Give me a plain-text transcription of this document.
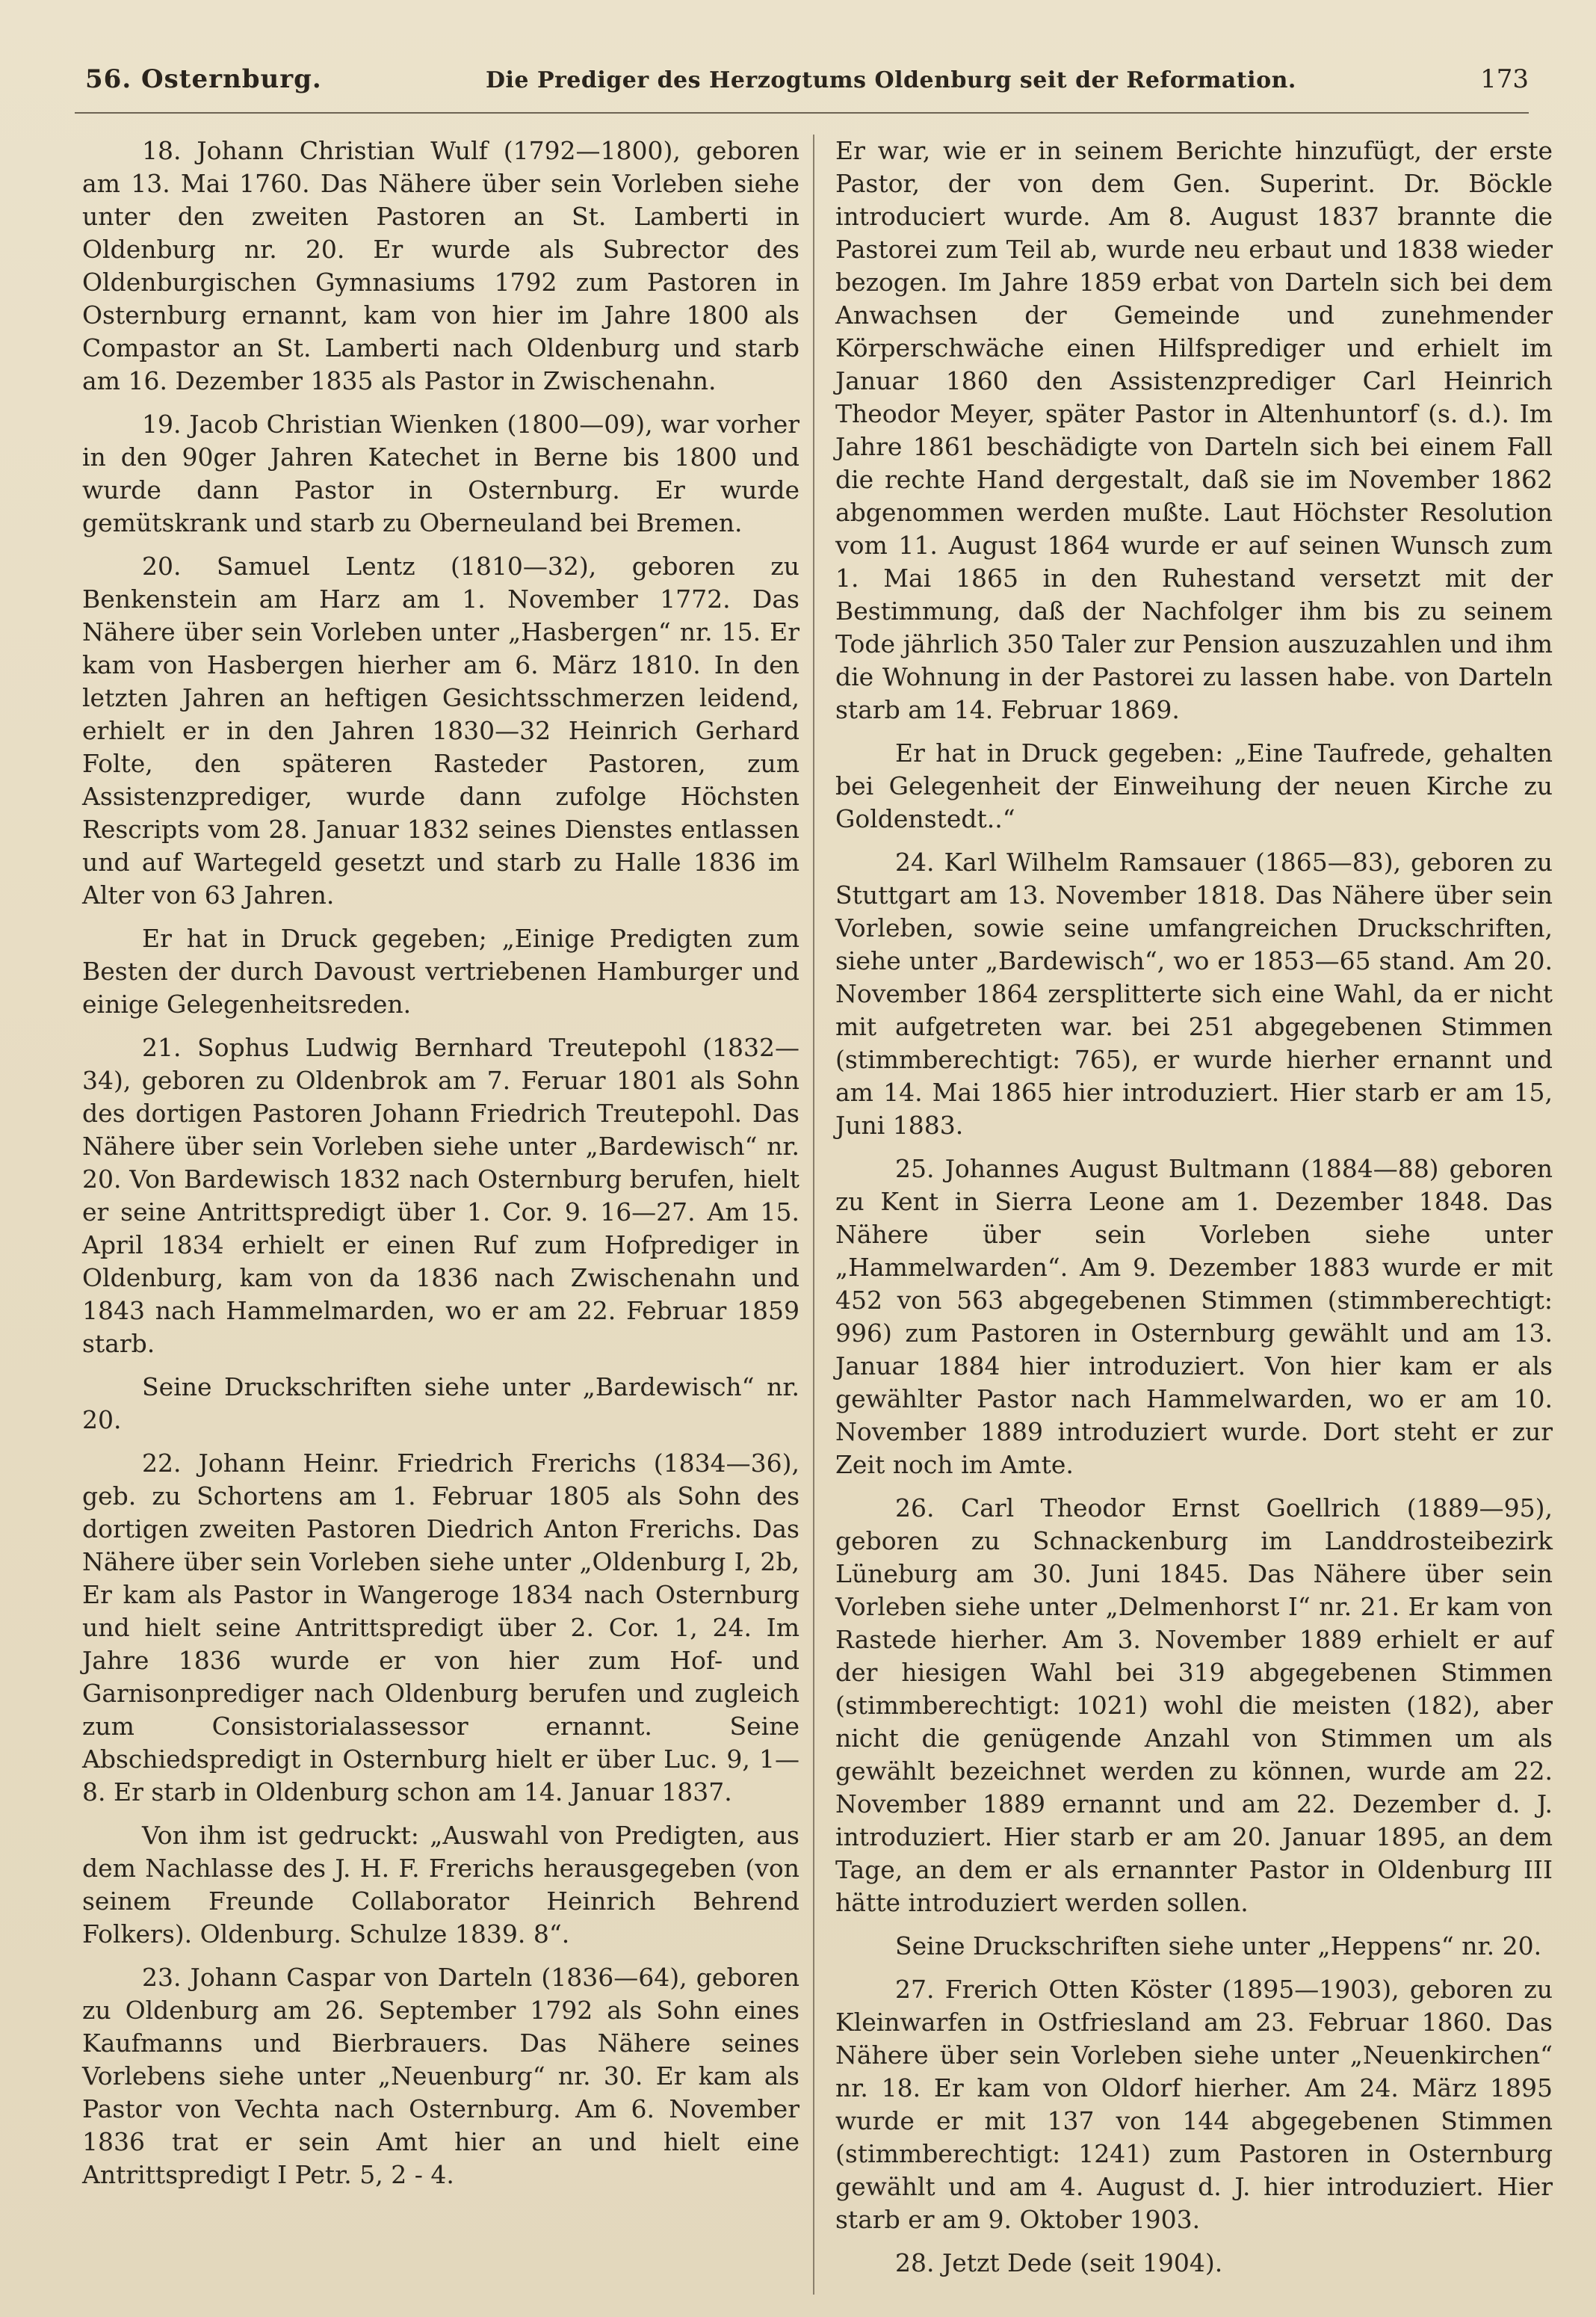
56. Osternburg.	Die Prediger des Herzogtums Oldenburg seit der Reformation.	173

18. Johann Christian Wulf (1792—1800), geboren am 13. Mai 1760. Das Nähere über sein Vorleben siehe unter den zweiten Pastoren an St. Lamberti in Oldenburg nr. 20. Er wurde als Subrector des Oldenburgischen Gymnasiums 1792 zum Pastoren in Osternburg ernannt, kam von hier im Jahre 1800 als Compastor an St. Lamberti nach Oldenburg und starb am 16. Dezember 1835 als Pastor in Zwischenahn.

19. Jacob Christian Wienken (1800—09), war vorher in den 90ger Jahren Katechet in Berne bis 1800 und wurde dann Pastor in Osternburg. Er wurde gemütskrank und starb zu Oberneuland bei Bremen.

20. Samuel Lentz (1810—32), geboren zu Benkenstein am Harz am 1. November 1772. Das Nähere über sein Vorleben unter „Hasbergen“ nr. 15. Er kam von Hasbergen hierher am 6. März 1810. In den letzten Jahren an heftigen Gesichtsschmerzen leidend, erhielt er in den Jahren 1830—32 Heinrich Gerhard Folte, den späteren Rasteder Pastoren, zum Assistenzprediger, wurde dann zufolge Höchsten Rescripts vom 28. Januar 1832 seines Dienstes entlassen und auf Wartegeld gesetzt und starb zu Halle 1836 im Alter von 63 Jahren.

Er hat in Druck gegeben; „Einige Predigten zum Besten der durch Davoust vertriebenen Hamburger und einige Gelegenheitsreden.

21. Sophus Ludwig Bernhard Treutepohl (1832—34), geboren zu Oldenbrok am 7. Feruar 1801 als Sohn des dortigen Pastoren Johann Friedrich Treutepohl. Das Nähere über sein Vorleben siehe unter „Bardewisch“ nr. 20. Von Bardewisch 1832 nach Osternburg berufen, hielt er seine Antrittspredigt über 1. Cor. 9. 16—27. Am 15. April 1834 erhielt er einen Ruf zum Hofprediger in Oldenburg, kam von da 1836 nach Zwischenahn und 1843 nach Hammelmarden, wo er am 22. Februar 1859 starb.

Seine Druckschriften siehe unter „Bardewisch“ nr. 20.

22. Johann Heinr. Friedrich Frerichs (1834—36), geb. zu Schortens am 1. Februar 1805 als Sohn des dortigen zweiten Pastoren Diedrich Anton Frerichs. Das Nähere über sein Vorleben siehe unter „Oldenburg I, 2b, Er kam als Pastor in Wangeroge 1834 nach Osternburg und hielt seine Antrittspredigt über 2. Cor. 1, 24. Im Jahre 1836 wurde er von hier zum Hof- und Garnisonprediger nach Oldenburg berufen und zugleich zum Consistorialassessor ernannt. Seine Abschiedspredigt in Osternburg hielt er über Luc. 9, 1—8. Er starb in Oldenburg schon am 14. Januar 1837.

Von ihm ist gedruckt: „Auswahl von Predigten, aus dem Nachlasse des J. H. F. Frerichs herausgegeben (von seinem Freunde Collaborator Heinrich Behrend Folkers). Oldenburg. Schulze 1839. 8“.

23. Johann Caspar von Darteln (1836—64), geboren zu Oldenburg am 26. September 1792 als Sohn eines Kaufmanns und Bierbrauers. Das Nähere seines Vorlebens siehe unter „Neuenburg“ nr. 30. Er kam als Pastor von Vechta nach Osternburg. Am 6. November 1836 trat er sein Amt hier an und hielt eine Antrittspredigt I Petr. 5, 2 - 4.

Er war, wie er in seinem Berichte hinzufügt, der erste Pastor, der von dem Gen. Superint. Dr. Böckle introduciert wurde. Am 8. August 1837 brannte die Pastorei zum Teil ab, wurde neu erbaut und 1838 wieder bezogen. Im Jahre 1859 erbat von Darteln sich bei dem Anwachsen der Gemeinde und zunehmender Körperschwäche einen Hilfsprediger und erhielt im Januar 1860 den Assistenzprediger Carl Heinrich Theodor Meyer, später Pastor in Altenhuntorf (s. d.). Im Jahre 1861 beschädigte von Darteln sich bei einem Fall die rechte Hand dergestalt, daß sie im November 1862 abgenommen werden mußte. Laut Höchster Resolution vom 11. August 1864 wurde er auf seinen Wunsch zum 1. Mai 1865 in den Ruhestand versetzt mit der Bestimmung, daß der Nachfolger ihm bis zu seinem Tode jährlich 350 Taler zur Pension auszuzahlen und ihm die Wohnung in der Pastorei zu lassen habe. von Darteln starb am 14. Februar 1869.

Er hat in Druck gegeben: „Eine Taufrede, gehalten bei Gelegenheit der Einweihung der neuen Kirche zu Goldenstedt..“

24. Karl Wilhelm Ramsauer (1865—83), geboren zu Stuttgart am 13. November 1818. Das Nähere über sein Vorleben, sowie seine umfangreichen Druckschriften, siehe unter „Bardewisch“, wo er 1853—65 stand. Am 20. November 1864 zersplitterte sich eine Wahl, da er nicht mit aufgetreten war. bei 251 abgegebenen Stimmen (stimmberechtigt: 765), er wurde hierher ernannt und am 14. Mai 1865 hier introduziert. Hier starb er am 15, Juni 1883.

25. Johannes August Bultmann (1884—88) geboren zu Kent in Sierra Leone am 1. Dezember 1848. Das Nähere über sein Vorleben siehe unter „Hammelwarden“. Am 9. Dezember 1883 wurde er mit 452 von 563 abgegebenen Stimmen (stimmberechtigt: 996) zum Pastoren in Osternburg gewählt und am 13. Januar 1884 hier introduziert. Von hier kam er als gewählter Pastor nach Hammelwarden, wo er am 10. November 1889 introduziert wurde. Dort steht er zur Zeit noch im Amte.

26. Carl Theodor Ernst Goellrich (1889—95), geboren zu Schnackenburg im Landdrosteibezirk Lüneburg am 30. Juni 1845. Das Nähere über sein Vorleben siehe unter „Delmenhorst I“ nr. 21. Er kam von Rastede hierher. Am 3. November 1889 erhielt er auf der hiesigen Wahl bei 319 abgegebenen Stimmen (stimmberechtigt: 1021) wohl die meisten (182), aber nicht die genügende Anzahl von Stimmen um als gewählt bezeichnet werden zu können, wurde am 22. November 1889 ernannt und am 22. Dezember d. J. introduziert. Hier starb er am 20. Januar 1895, an dem Tage, an dem er als ernannter Pastor in Oldenburg III hätte introduziert werden sollen.

Seine Druckschriften siehe unter „Heppens“ nr. 20.

27. Frerich Otten Köster (1895—1903), geboren zu Kleinwarfen in Ostfriesland am 23. Februar 1860. Das Nähere über sein Vorleben siehe unter „Neuenkirchen“ nr. 18. Er kam von Oldorf hierher. Am 24. März 1895 wurde er mit 137 von 144 abgegebenen Stimmen (stimmberechtigt: 1241) zum Pastoren in Osternburg gewählt und am 4. August d. J. hier introduziert. Hier starb er am 9. Oktober 1903.

28. Jetzt Dede (seit 1904).
